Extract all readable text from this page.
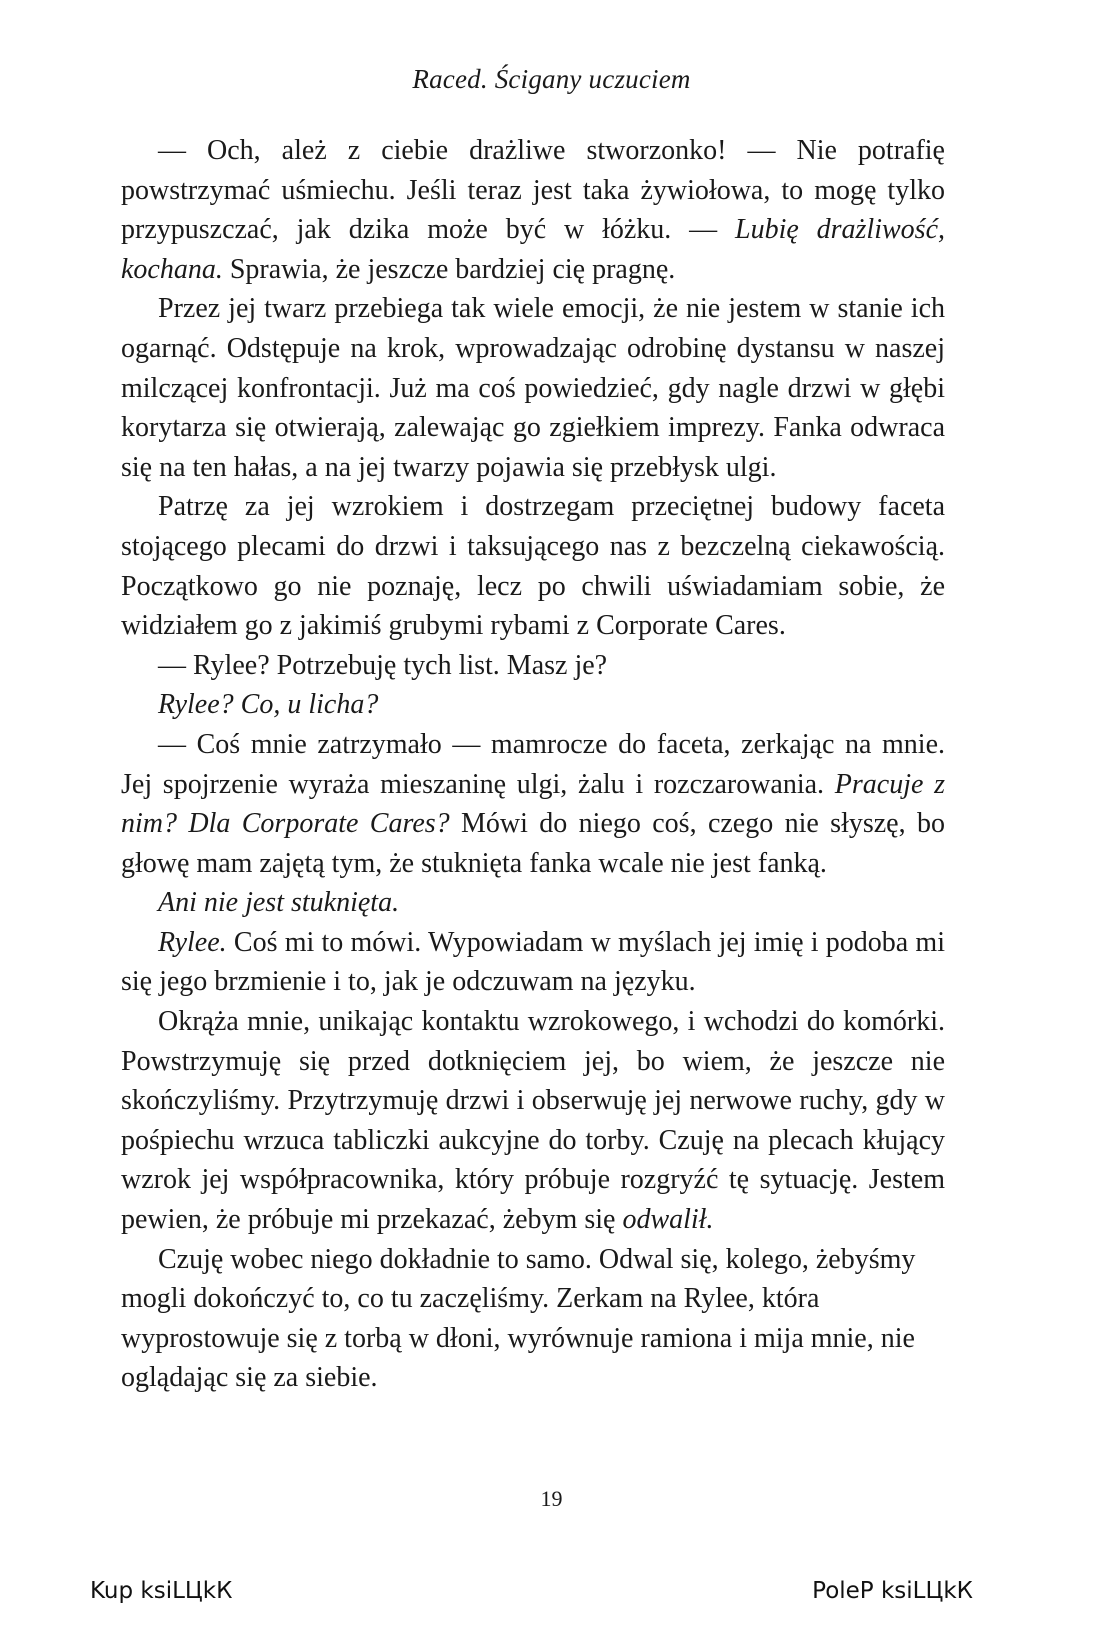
Raced. Ścigany uczuciem

— Och, ależ z ciebie drażliwe stworzonko! — Nie potrafię powstrzymać uśmiechu. Jeśli teraz jest taka żywiołowa, to mogę tylko przypuszczać, jak dzika może być w łóżku. — Lubię drażliwość, kochana. Sprawia, że jeszcze bardziej cię pragnę.

Przez jej twarz przebiega tak wiele emocji, że nie jestem w stanie ich ogarnąć. Odstępuje na krok, wprowadzając odrobinę dystansu w naszej milczącej konfrontacji. Już ma coś powiedzieć, gdy nagle drzwi w głębi korytarza się otwierają, zalewając go zgiełkiem imprezy. Fanka odwraca się na ten hałas, a na jej twarzy pojawia się przebłysk ulgi.

Patrzę za jej wzrokiem i dostrzegam przeciętnej budowy faceta stojącego plecami do drzwi i taksującego nas z bezczelną ciekawością. Początkowo go nie poznaję, lecz po chwili uświadamiam sobie, że widziałem go z jakimiś grubymi rybami z Corporate Cares.

— Rylee? Potrzebuję tych list. Masz je?

Rylee? Co, u licha?

— Coś mnie zatrzymało — mamrocze do faceta, zerkając na mnie. Jej spojrzenie wyraża mieszaninę ulgi, żalu i rozczarowania. Pracuje z nim? Dla Corporate Cares? Mówi do niego coś, czego nie słyszę, bo głowę mam zajętą tym, że stuknięta fanka wcale nie jest fanką.

Ani nie jest stuknięta.

Rylee. Coś mi to mówi. Wypowiadam w myślach jej imię i podoba mi się jego brzmienie i to, jak je odczuwam na języku.

Okrąża mnie, unikając kontaktu wzrokowego, i wchodzi do komórki. Powstrzymuję się przed dotknięciem jej, bo wiem, że jeszcze nie skończyliśmy. Przytrzymuję drzwi i obserwuję jej nerwowe ruchy, gdy w pośpiechu wrzuca tabliczki aukcyjne do torby. Czuję na plecach kłujący wzrok jej współpracownika, który próbuje rozgryźć tę sytuację. Jestem pewien, że próbuje mi przekazać, żebym się odwalił.

Czuję wobec niego dokładnie to samo. Odwal się, kolego, żebyśmy mogli dokończyć to, co tu zaczęliśmy. Zerkam na Rylee, która wyprostowuje się z torbą w dłoni, wyrównuje ramiona i mija mnie, nie oglądając się za siebie.

19
Kup ksiLЦkК	PoleР ksiLЦkК
